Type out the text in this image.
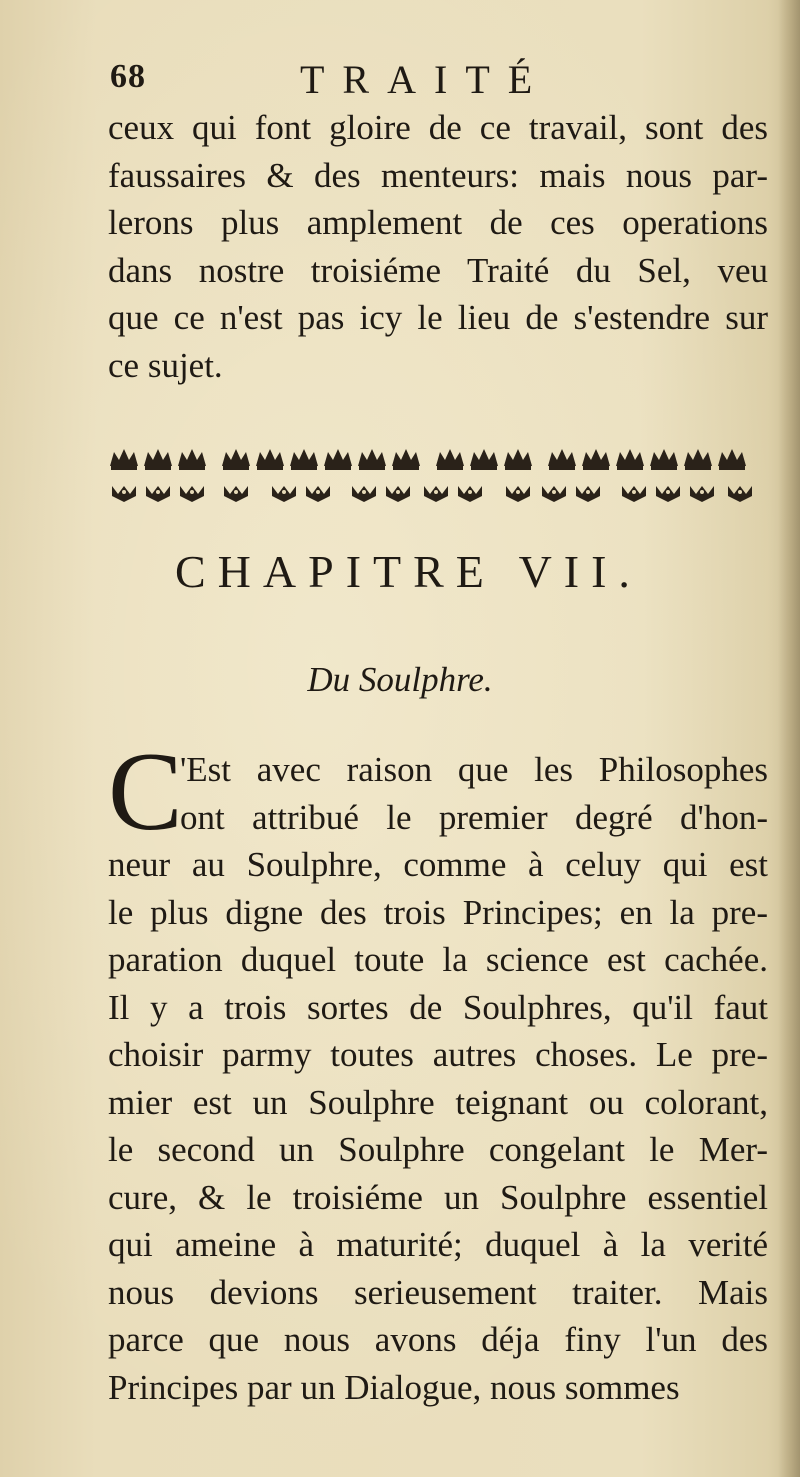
68	TRAITÉ
ceux qui font gloire de ce travail, sont des
faussaires & des menteurs: mais nous par-
lerons plus amplement de ces operations
dans nostre troisiéme Traité du Sel, veu
que ce n'est pas icy le lieu de s'estendre sur
ce sujet.
CHAPITRE VII.
Du Soulphre.
C
'Est avec raison que les Philosophes
ont attribué le premier degré d'hon-
neur au Soulphre, comme à celuy qui est
le plus digne des trois Principes; en la pre-
paration duquel toute la science est cachée.
Il y a trois sortes de Soulphres, qu'il faut
choisir parmy toutes autres choses. Le pre-
mier est un Soulphre teignant ou colorant,
le second un Soulphre congelant le Mer-
cure, & le troisiéme un Soulphre essentiel
qui ameine à maturité; duquel à la verité
nous devions serieusement traiter. Mais
parce que nous avons déja finy l'un des
Principes par un Dialogue, nous sommes
